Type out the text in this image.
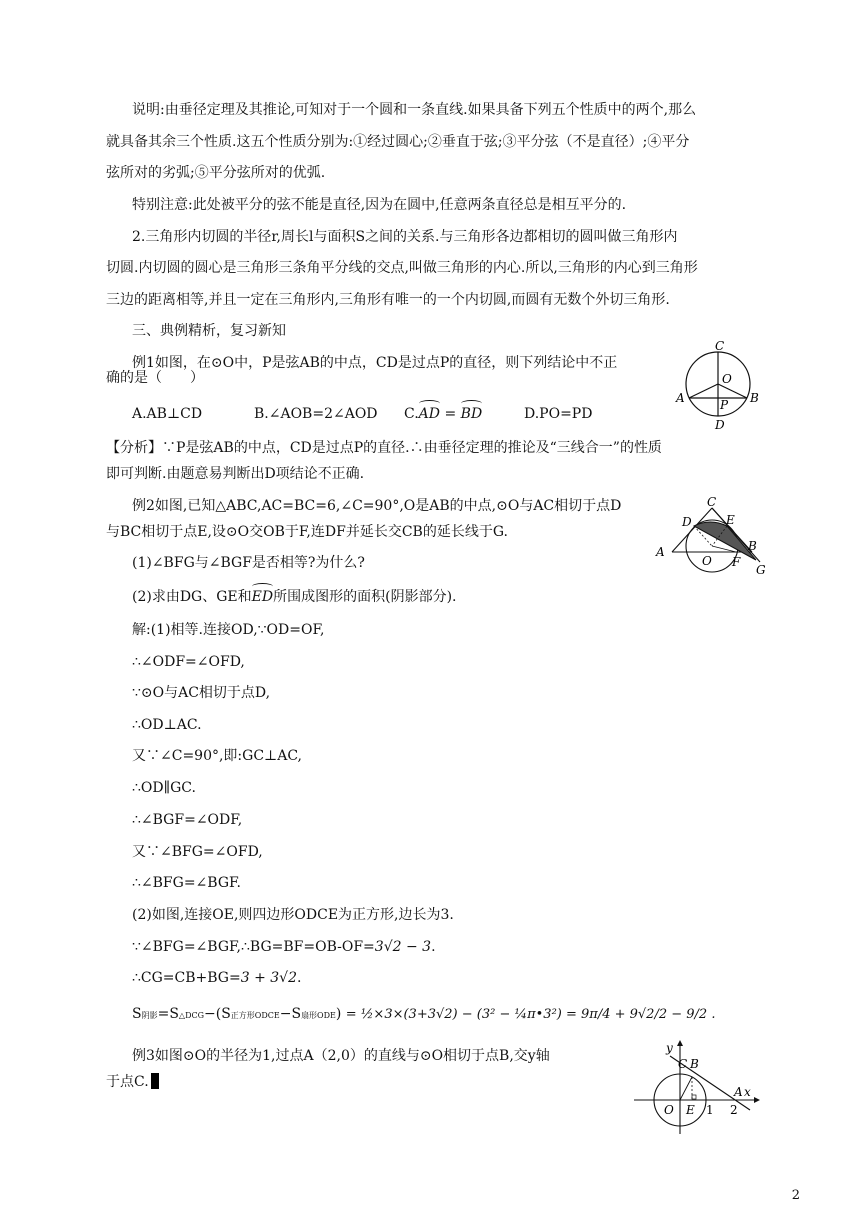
说明:由垂径定理及其推论,可知对于一个圆和一条直线.如果具备下列五个性质中的两个,那么
就具备其余三个性质.这五个性质分别为:①经过圆心;②垂直于弦;③平分弦（不是直径）;④平分
弦所对的劣弧;⑤平分弦所对的优弧.
特别注意:此处被平分的弦不能是直径,因为在圆中,任意两条直径总是相互平分的.
2.三角形内切圆的半径r,周长l与面积S之间的关系.与三角形各边都相切的圆叫做三角形内
切圆.内切圆的圆心是三角形三条角平分线的交点,叫做三角形的内心.所以,三角形的内心到三角形
三边的距离相等,并且一定在三角形内,三角形有唯一的一个内切圆,而圆有无数个外切三角形.
三、典例精析，复习新知
例1如图，在⊙O中，P是弦AB的中点，CD是过点P的直径，则下列结论中不正
确的是（　　）
A.AB⊥CD	B.∠AOB=2∠AOD C.AD = BD	D.PO=PD
【分析】∵P是弦AB的中点，CD是过点P的直径.∴由垂径定理的推论及“三线合一”的性质
即可判断.由题意易判断出D项结论不正确.
例2如图,已知△ABC,AC=BC=6,∠C=90°,O是AB的中点,⊙O与AC相切于点D
与BC相切于点E,设⊙O交OB于F,连DF并延长交CB的延长线于G.
(1)∠BFG与∠BGF是否相等?为什么?
(2)求由DG、GE和ED所围成图形的面积(阴影部分).
解:(1)相等.连接OD,∵OD=OF,
∴∠ODF=∠OFD,
∵⊙O与AC相切于点D,
∴OD⊥AC.
又∵∠C=90°,即:GC⊥AC,
∴OD∥GC.
∴∠BGF=∠ODF,
又∵∠BFG=∠OFD,
∴∠BFG=∠BGF.
(2)如图,连接OE,则四边形ODCE为正方形,边长为3.
∵∠BFG=∠BGF,∴BG=BF=OB-OF=3√2 − 3.
∴CG=CB+BG=3 + 3√2.
S阴影=S△DCG−(S正方形ODCE−S扇形ODE) = ½×3×(3+3√2) − (3² − ¼π•3²) = 9π/4 + 9√2/2 − 9/2 .
例3如图⊙O的半径为1,过点A（2,0）的直线与⊙O相切于点B,交y轴
于点C.
C
O
A	B
P
D
C
D	E
A
O F
B
G
y
C B
A x
O E 1 2
2
